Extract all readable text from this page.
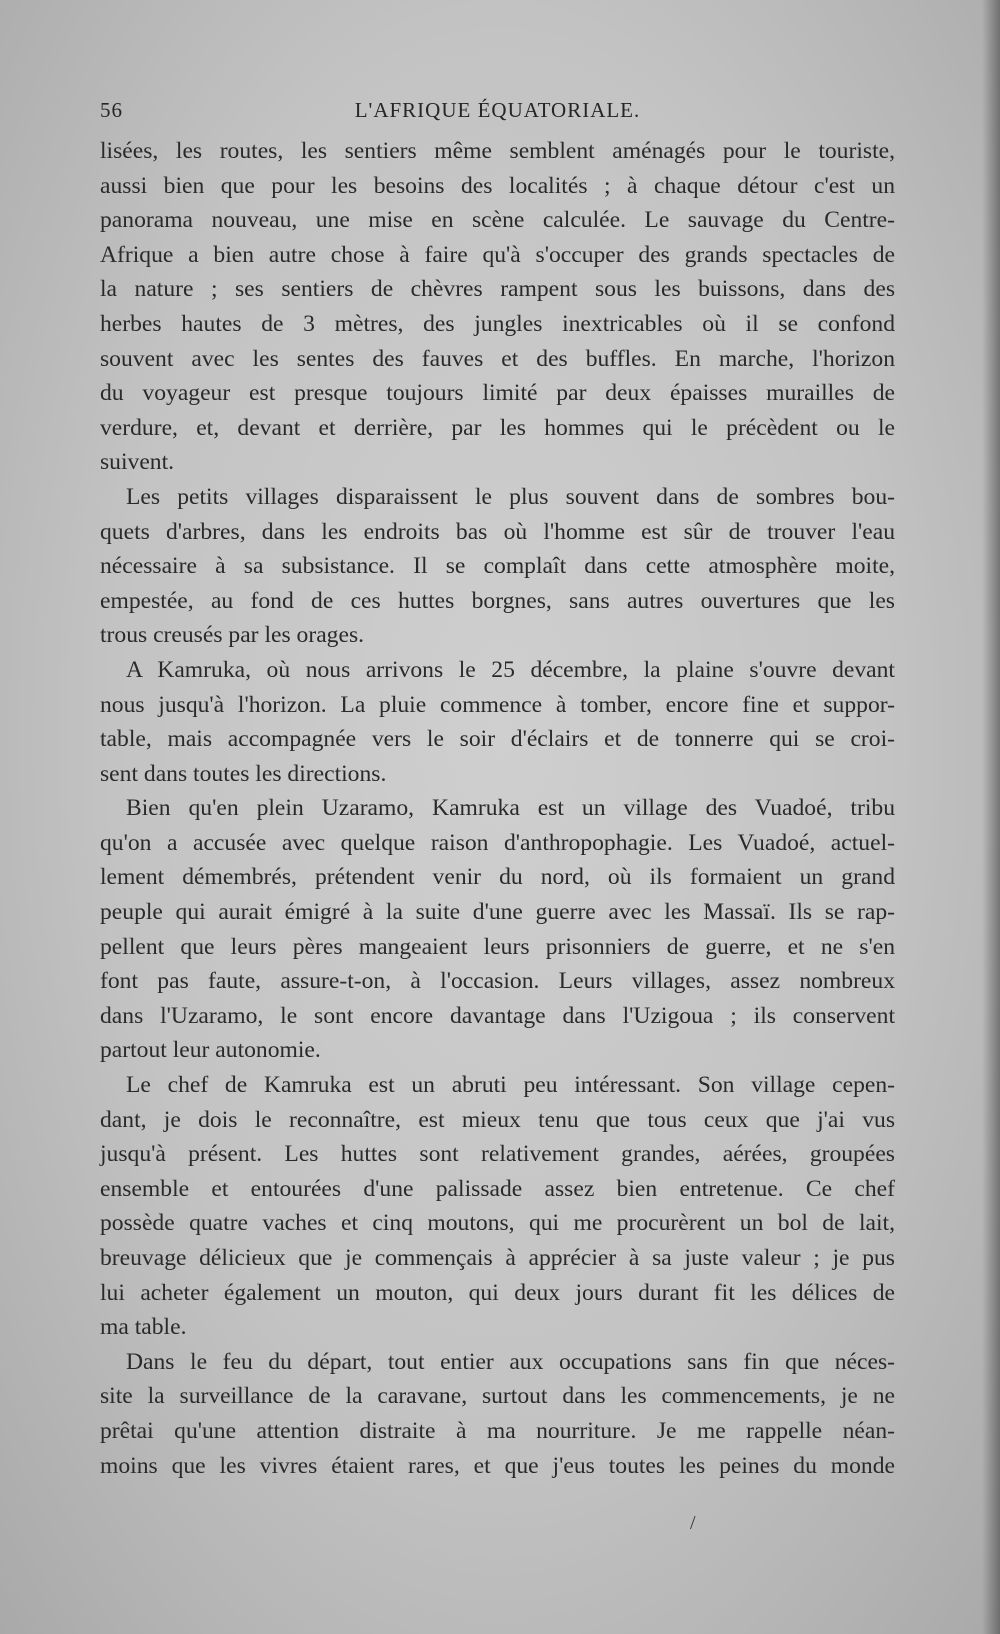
56	L'AFRIQUE ÉQUATORIALE.
lisées, les routes, les sentiers même semblent aménagés pour le touriste,
aussi bien que pour les besoins des localités ; à chaque détour c'est un
panorama nouveau, une mise en scène calculée. Le sauvage du Centre-
Afrique a bien autre chose à faire qu'à s'occuper des grands spectacles de
la nature ; ses sentiers de chèvres rampent sous les buissons, dans des
herbes hautes de 3 mètres, des jungles inextricables où il se confond
souvent avec les sentes des fauves et des buffles. En marche, l'horizon
du voyageur est presque toujours limité par deux épaisses murailles de
verdure, et, devant et derrière, par les hommes qui le précèdent ou le
suivent.
Les petits villages disparaissent le plus souvent dans de sombres bou-
quets d'arbres, dans les endroits bas où l'homme est sûr de trouver l'eau
nécessaire à sa subsistance. Il se complaît dans cette atmosphère moite,
empestée, au fond de ces huttes borgnes, sans autres ouvertures que les
trous creusés par les orages.
A Kamruka, où nous arrivons le 25 décembre, la plaine s'ouvre devant
nous jusqu'à l'horizon. La pluie commence à tomber, encore fine et suppor-
table, mais accompagnée vers le soir d'éclairs et de tonnerre qui se croi-
sent dans toutes les directions.
Bien qu'en plein Uzaramo, Kamruka est un village des Vuadoé, tribu
qu'on a accusée avec quelque raison d'anthropophagie. Les Vuadoé, actuel-
lement démembrés, prétendent venir du nord, où ils formaient un grand
peuple qui aurait émigré à la suite d'une guerre avec les Massaï. Ils se rap-
pellent que leurs pères mangeaient leurs prisonniers de guerre, et ne s'en
font pas faute, assure-t-on, à l'occasion. Leurs villages, assez nombreux
dans l'Uzaramo, le sont encore davantage dans l'Uzigoua ; ils conservent
partout leur autonomie.
Le chef de Kamruka est un abruti peu intéressant. Son village cepen-
dant, je dois le reconnaître, est mieux tenu que tous ceux que j'ai vus
jusqu'à présent. Les huttes sont relativement grandes, aérées, groupées
ensemble et entourées d'une palissade assez bien entretenue. Ce chef
possède quatre vaches et cinq moutons, qui me procurèrent un bol de lait,
breuvage délicieux que je commençais à apprécier à sa juste valeur ; je pus
lui acheter également un mouton, qui deux jours durant fit les délices de
ma table.
Dans le feu du départ, tout entier aux occupations sans fin que néces-
site la surveillance de la caravane, surtout dans les commencements, je ne
prêtai qu'une attention distraite à ma nourriture. Je me rappelle néan-
moins que les vivres étaient rares, et que j'eus toutes les peines du monde
/
